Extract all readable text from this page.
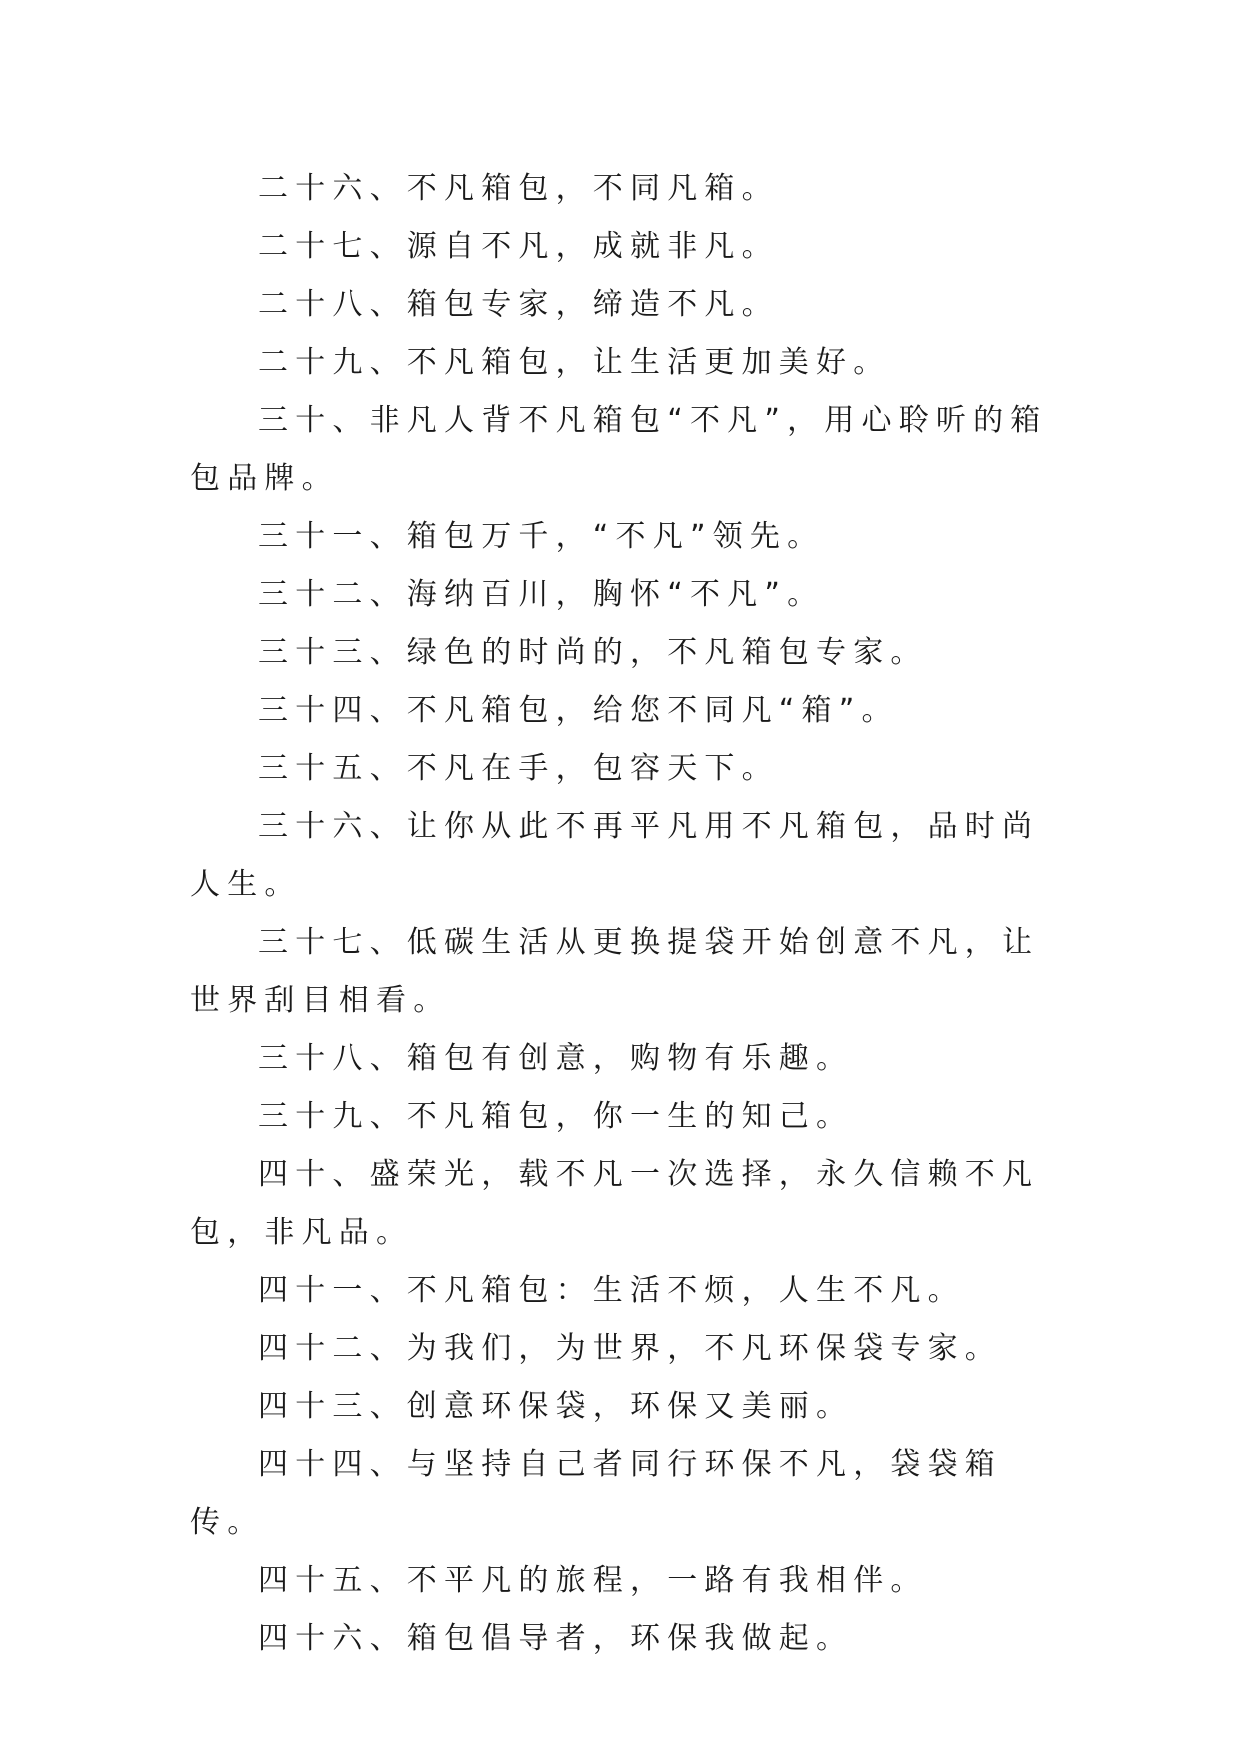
二十六、不凡箱包，不同凡箱。

二十七、源自不凡，成就非凡。

二十八、箱包专家，缔造不凡。

二十九、不凡箱包，让生活更加美好。

三十、非凡人背不凡箱包“不凡”，用心聆听的箱包品牌。

三十一、箱包万千，“不凡”领先。

三十二、海纳百川，胸怀“不凡”。

三十三、绿色的时尚的，不凡箱包专家。

三十四、不凡箱包，给您不同凡“箱”。

三十五、不凡在手，包容天下。

三十六、让你从此不再平凡用不凡箱包，品时尚人生。

三十七、低碳生活从更换提袋开始创意不凡，让世界刮目相看。

三十八、箱包有创意，购物有乐趣。

三十九、不凡箱包，你一生的知己。

四十、盛荣光，载不凡一次选择，永久信赖不凡包，非凡品。

四十一、不凡箱包：生活不烦，人生不凡。

四十二、为我们，为世界，不凡环保袋专家。

四十三、创意环保袋，环保又美丽。

四十四、与坚持自己者同行环保不凡，袋袋箱传。

四十五、不平凡的旅程，一路有我相伴。

四十六、箱包倡导者，环保我做起。
